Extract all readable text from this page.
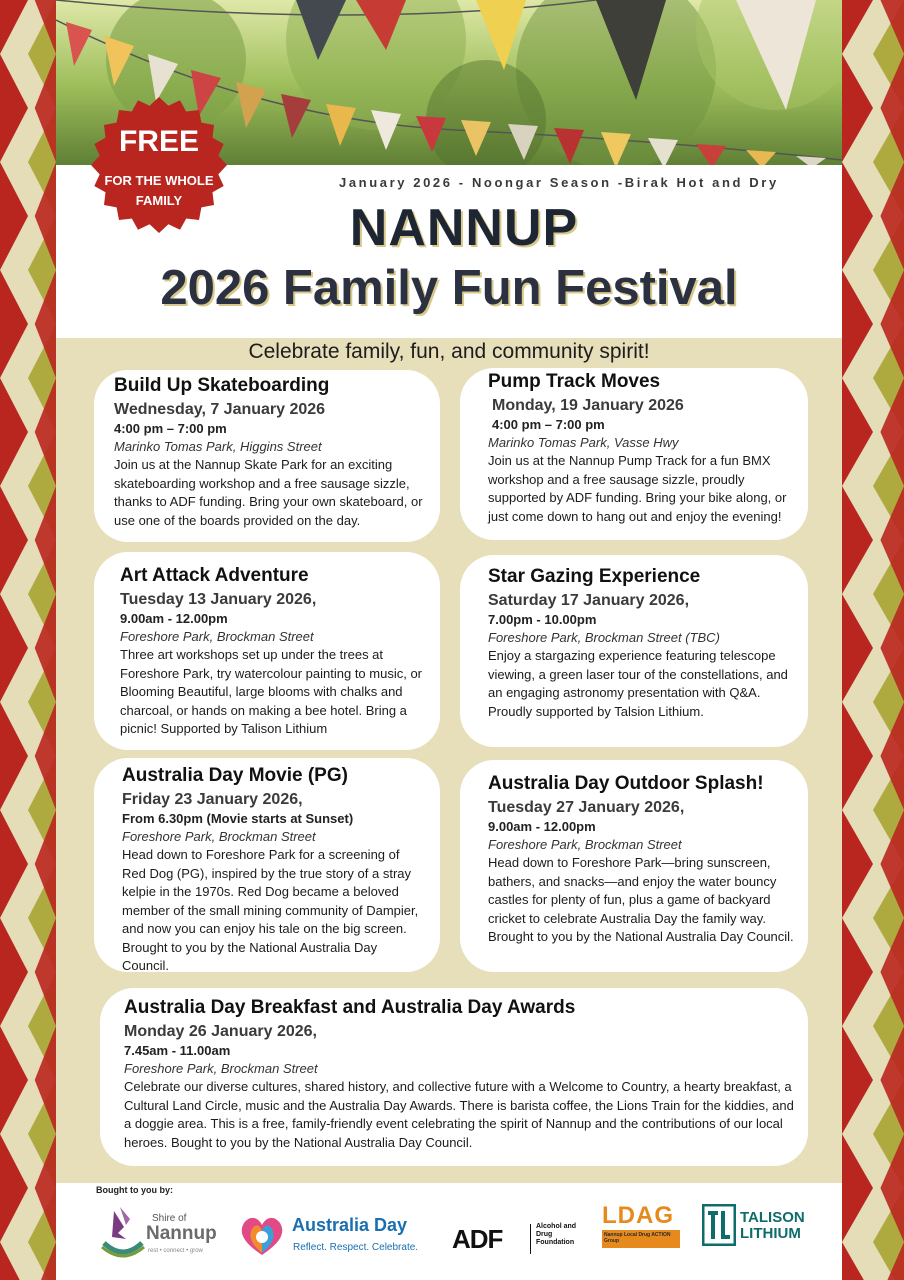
FREE
FOR THE WHOLE FAMILY
January 2026 - Noongar Season -Birak Hot and Dry
NANNUP
2026 Family Fun Festival
Celebrate family, fun, and community spirit!
Build Up Skateboarding
Wednesday, 7 January 2026
4:00 pm – 7:00 pm
Marinko Tomas Park, Higgins Street
Join us at the Nannup Skate Park for an exciting skateboarding workshop and a free sausage sizzle, thanks to ADF funding. Bring your own skateboard, or use one of the boards provided on the day.
Pump Track Moves
Monday, 19 January 2026
4:00 pm – 7:00 pm
Marinko Tomas Park, Vasse Hwy
Join us at the Nannup Pump Track for a fun BMX workshop and a free sausage sizzle, proudly supported by ADF funding. Bring your bike along, or just come down to hang out and enjoy the evening!
Art Attack Adventure
Tuesday 13 January 2026,
9.00am - 12.00pm
Foreshore Park, Brockman Street
Three art workshops set up under the trees at Foreshore Park, try watercolour painting to music, or Blooming Beautiful, large blooms with chalks and charcoal, or hands on making a bee hotel. Bring a picnic! Supported by Talison Lithium
Star Gazing Experience
Saturday 17 January 2026,
7.00pm - 10.00pm
Foreshore Park, Brockman Street (TBC)
Enjoy a stargazing experience featuring telescope viewing, a green laser tour of the constellations, and an engaging astronomy presentation with Q&A. Proudly supported by Talsion Lithium.
Australia Day Movie (PG)
Friday 23 January 2026,
From 6.30pm (Movie starts at Sunset)
Foreshore Park, Brockman Street
Head down to Foreshore Park for a screening of Red Dog (PG), inspired by the true story of a stray kelpie in the 1970s. Red Dog became a beloved member of the small mining community of Dampier, and now you can enjoy his tale on the big screen. Brought to you by the National Australia Day Council.
Australia Day Outdoor Splash!
Tuesday 27 January 2026,
9.00am - 12.00pm
Foreshore Park, Brockman Street
Head down to Foreshore Park—bring sunscreen, bathers, and snacks—and enjoy the water bouncy castles for plenty of fun, plus a game of backyard cricket to celebrate Australia Day the family way. Brought to you by the National Australia Day Council.
Australia Day Breakfast and Australia Day Awards
Monday 26 January 2026,
7.45am - 11.00am
Foreshore Park, Brockman Street
Celebrate our diverse cultures, shared history, and collective future with a Welcome to Country, a hearty breakfast, a Cultural Land Circle, music and the Australia Day Awards. There is barista coffee, the Lions Train for the kiddies, and a doggie area. This is a free, family-friendly event celebrating the spirit of Nannup and the contributions of our local heroes. Bought to you by the National Australia Day Council.
Bought to you by:
Shire of
Nannup
rest • connect • grow
Australia Day
Reflect. Respect. Celebrate. ADF	Alcohol and Drug Foundation
LDAG
Nannup Local Drug ACTION Group
TALISON
LITHIUM
